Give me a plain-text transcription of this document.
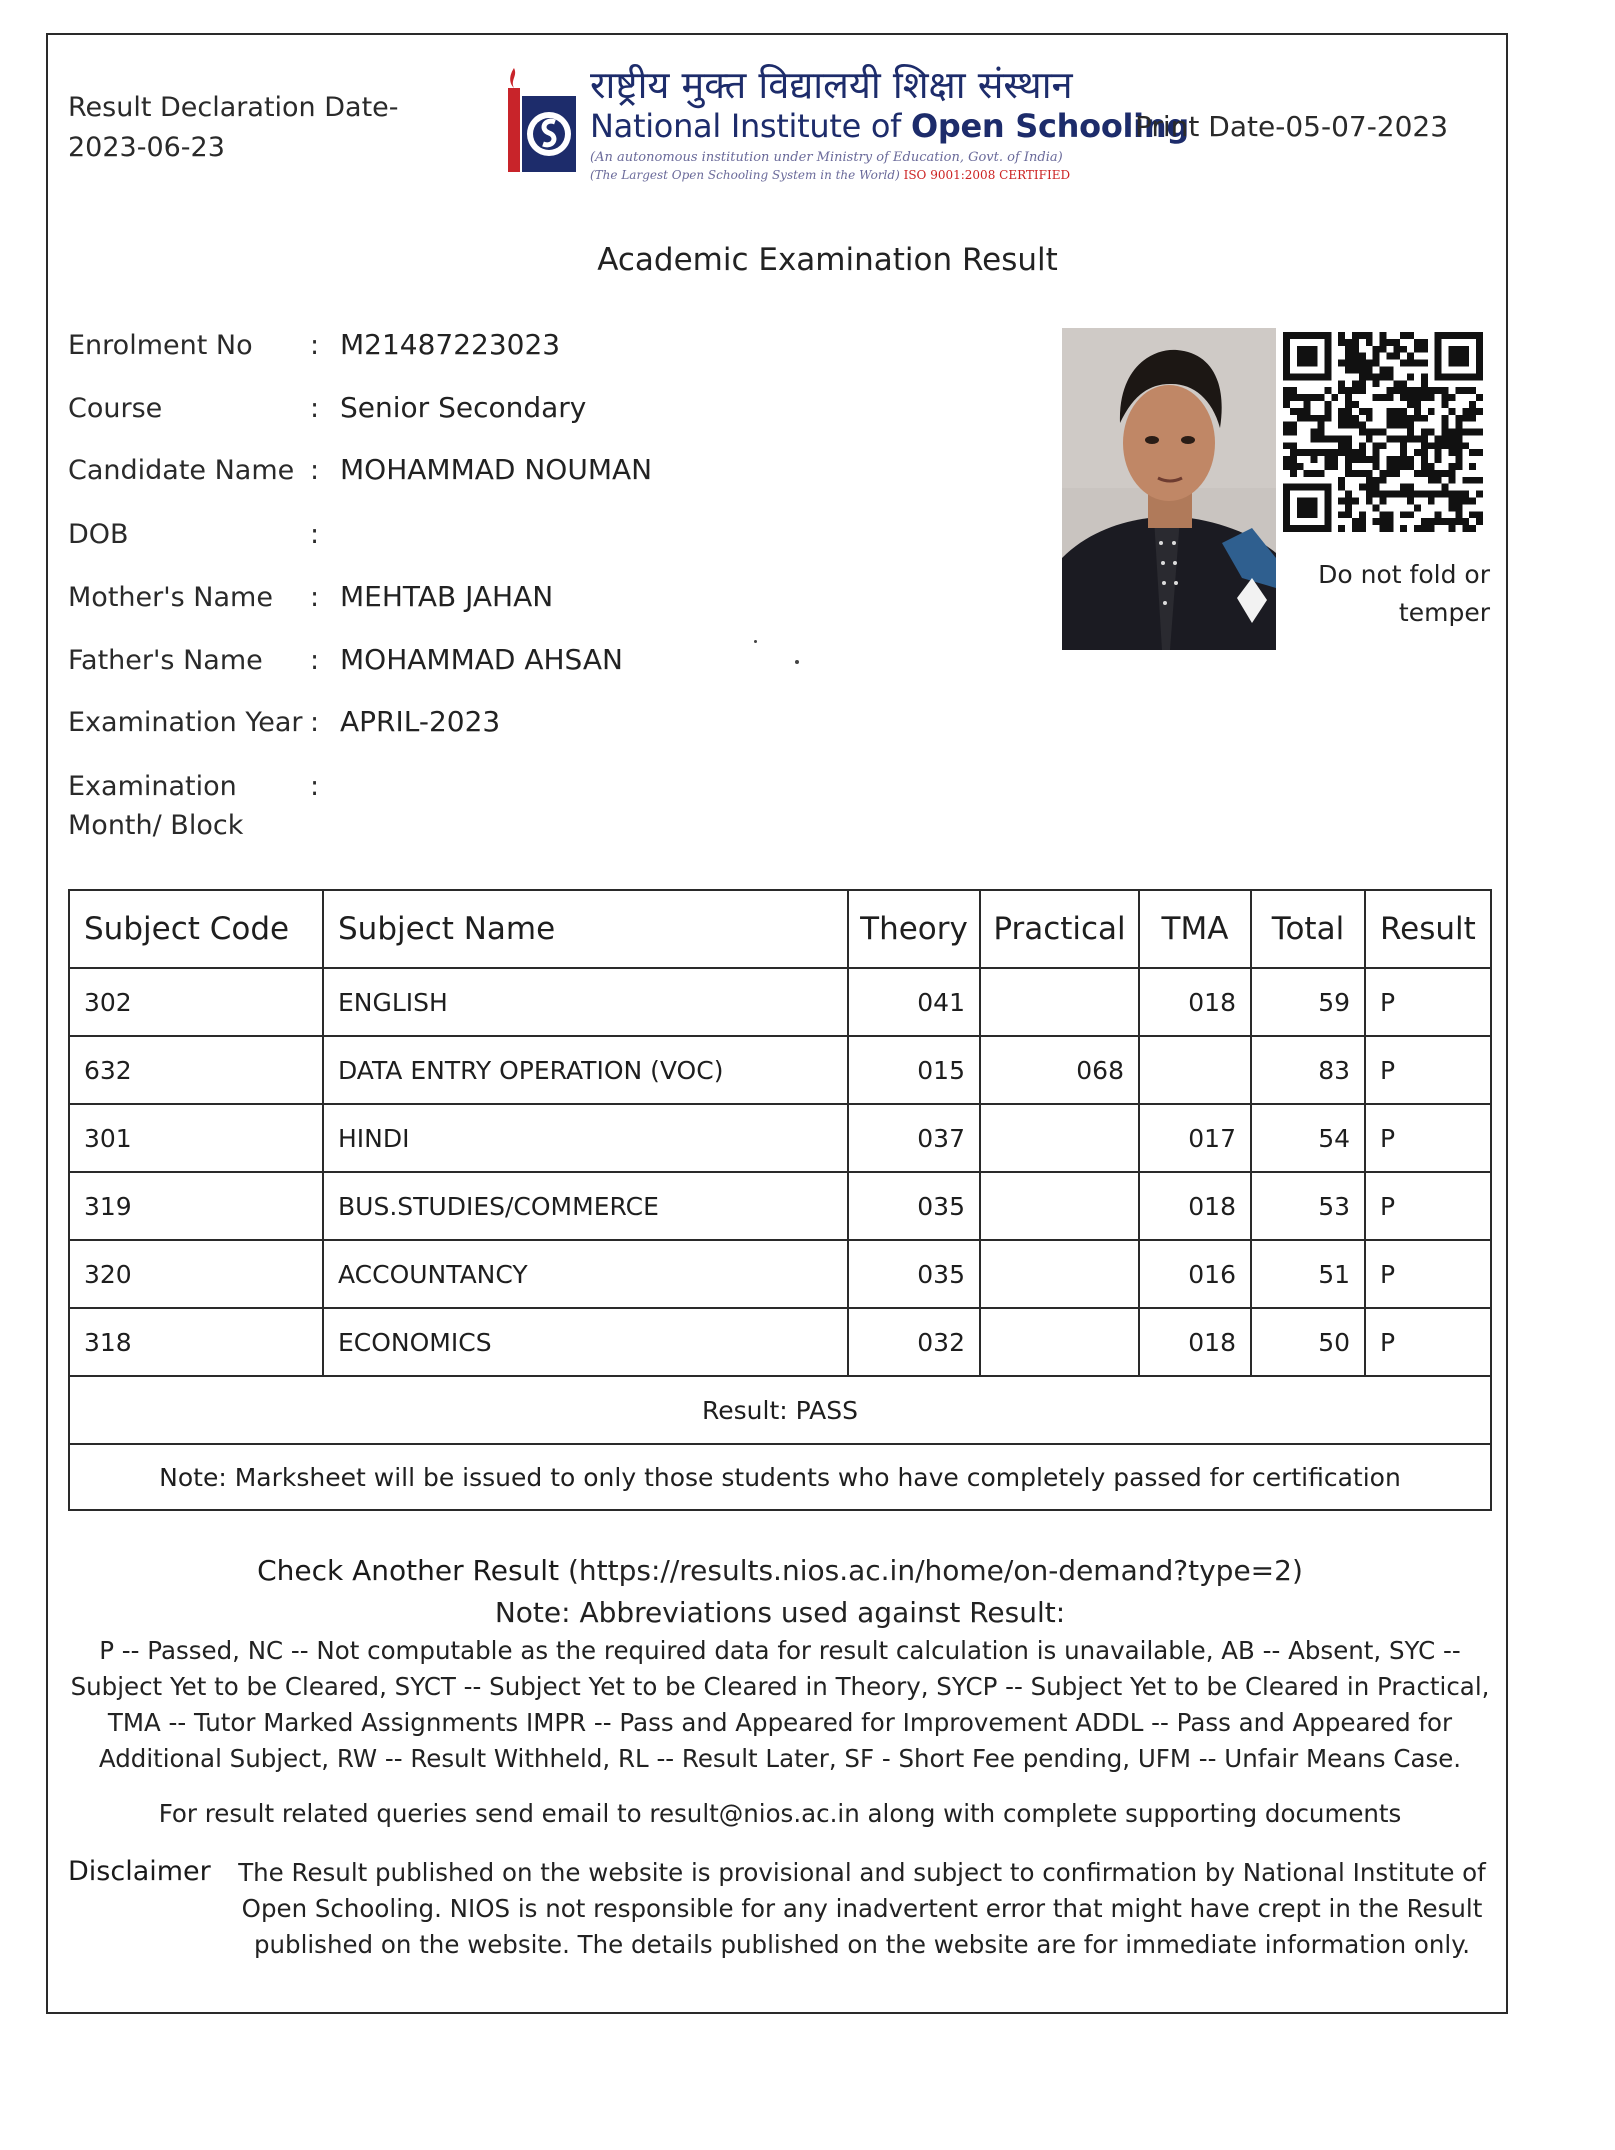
Result Declaration Date-
2023-06-23
राष्ट्रीय मुक्त विद्यालयी शिक्षा संस्थान
National Institute of Open Schooling
(An autonomous institution under Ministry of Education, Govt. of India)
(The Largest Open Schooling System in the World) ISO 9001:2008 CERTIFIED
Print Date-05-07-2023
Academic Examination Result
Enrolment No : M21487223023
Course	: Senior Secondary
Candidate Name : MOHAMMAD NOUMAN
DOB	:
Mother's Name : MEHTAB JAHAN
Father's Name : MOHAMMAD AHSAN
Examination Year : APRIL-2023
Examination
Month/ Block
:
Do not fold or
temper
Subject Code	Subject Name	Theory	Practical	TMA	Total	Result
302	ENGLISH	041		018	59	P
632	DATA ENTRY OPERATION (VOC)	015	068		83	P
301	HINDI	037		017	54	P
319	BUS.STUDIES/COMMERCE	035		018	53	P
320	ACCOUNTANCY	035		016	51	P
318	ECONOMICS	032		018	50	P
Result: PASS						
Note: Marksheet will be issued to only those students who have completely passed for certification						
Check Another Result (https://results.nios.ac.in/home/on-demand?type=2)
Note: Abbreviations used against Result:
P -- Passed, NC -- Not computable as the required data for result calculation is unavailable, AB -- Absent, SYC --
Subject Yet to be Cleared, SYCT -- Subject Yet to be Cleared in Theory, SYCP -- Subject Yet to be Cleared in Practical,
TMA -- Tutor Marked Assignments IMPR -- Pass and Appeared for Improvement ADDL -- Pass and Appeared for
Additional Subject, RW -- Result Withheld, RL -- Result Later, SF - Short Fee pending, UFM -- Unfair Means Case.
For result related queries send email to result@nios.ac.in along with complete supporting documents
Disclaimer The Result published on the website is provisional and subject to confirmation by National Institute of
Open Schooling. NIOS is not responsible for any inadvertent error that might have crept in the Result
published on the website. The details published on the website are for immediate information only.
